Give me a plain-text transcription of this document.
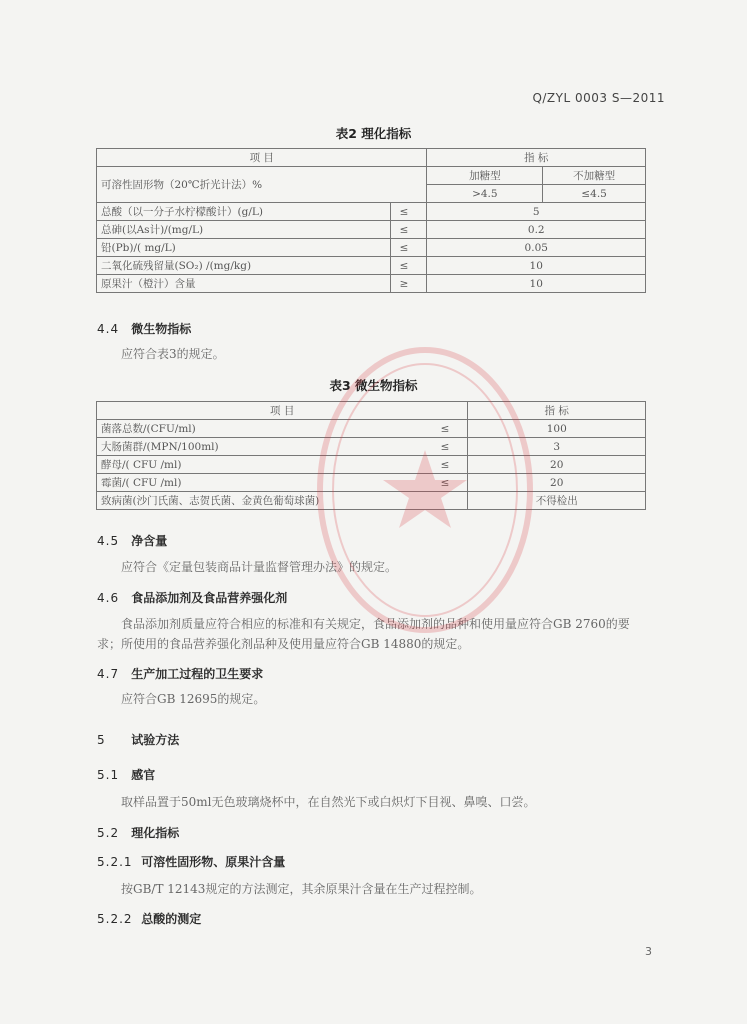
Q/ZYL 0003 S—2011
表2 理化指标
项 目		指 标	
可溶性固形物（20℃折光计法）%		加糖型	不加糖型
		>4.5	≤4.5
总酸（以一分子水柠檬酸计）(g/L)	≤	5	
总砷(以As计)/(mg/L)	≤	0.2	
铅(Pb)/( mg/L)	≤	0.05	
二氧化硫残留量(SO₂) /(mg/kg)	≤	10	
原果汁（橙汁）含量	≥	10	
4.4 微生物指标
应符合表3的规定。
表3 微生物指标
项 目		指 标
菌落总数/(CFU/ml)	≤	100
大肠菌群/(MPN/100ml)	≤	3
酵母/( CFU /ml)	≤	20
霉菌/( CFU /ml)	≤	20
致病菌(沙门氏菌、志贺氏菌、金黄色葡萄球菌)		不得检出
4.5 净含量
应符合《定量包装商品计量监督管理办法》的规定。
4.6 食品添加剂及食品营养强化剂
食品添加剂质量应符合相应的标准和有关规定，食品添加剂的品种和使用量应符合GB 2760的要求；所使用的食品营养强化剂品种及使用量应符合GB 14880的规定。
4.7 生产加工过程的卫生要求
应符合GB 12695的规定。
5 试验方法
5.1 感官
取样品置于50ml无色玻璃烧杯中，在自然光下或白炽灯下目视、鼻嗅、口尝。
5.2 理化指标
5.2.1 可溶性固形物、原果汁含量
按GB/T 12143规定的方法测定，其余原果汁含量在生产过程控制。
5.2.2 总酸的测定
3
